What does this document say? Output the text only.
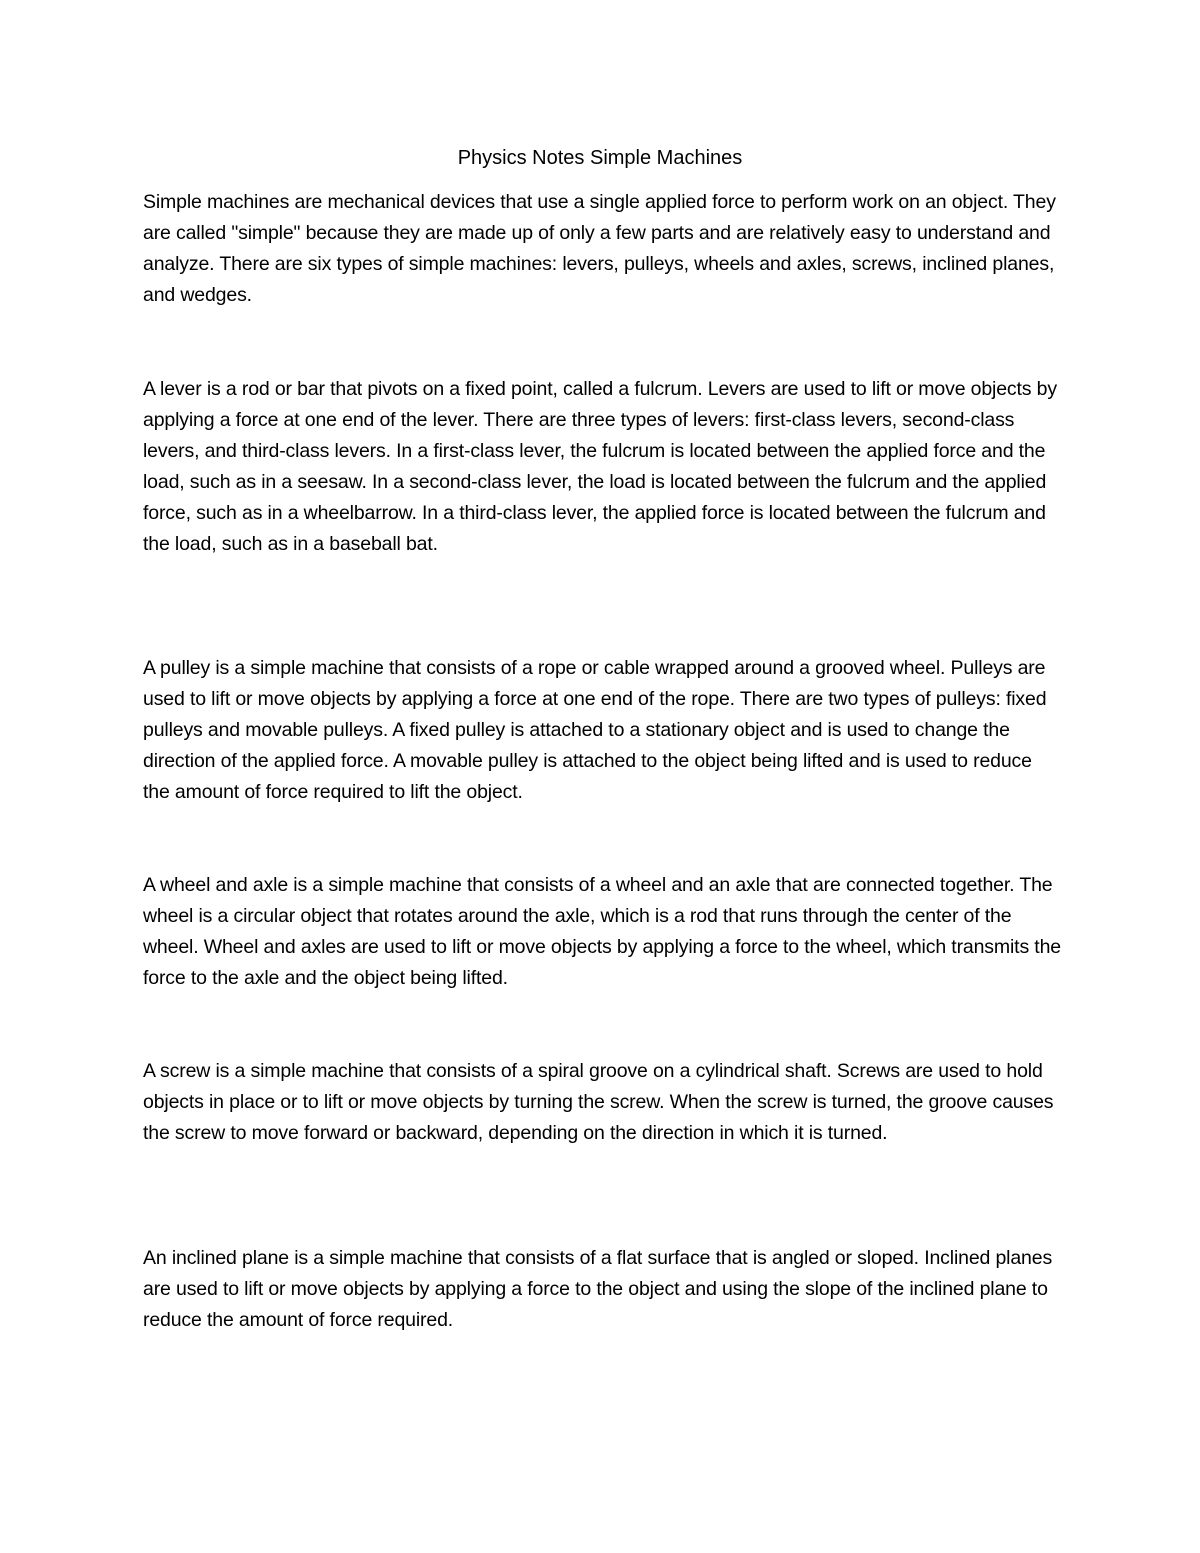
Physics Notes Simple Machines

Simple machines are mechanical devices that use a single applied force to perform work on an object. They are called "simple" because they are made up of only a few parts and are relatively easy to understand and analyze. There are six types of simple machines: levers, pulleys, wheels and axles, screws, inclined planes, and wedges.

A lever is a rod or bar that pivots on a fixed point, called a fulcrum. Levers are used to lift or move objects by applying a force at one end of the lever. There are three types of levers: first-class levers, second-class levers, and third-class levers. In a first-class lever, the fulcrum is located between the applied force and the load, such as in a seesaw. In a second-class lever, the load is located between the fulcrum and the applied force, such as in a wheelbarrow. In a third-class lever, the applied force is located between the fulcrum and the load, such as in a baseball bat.

A pulley is a simple machine that consists of a rope or cable wrapped around a grooved wheel. Pulleys are used to lift or move objects by applying a force at one end of the rope. There are two types of pulleys: fixed pulleys and movable pulleys. A fixed pulley is attached to a stationary object and is used to change the direction of the applied force. A movable pulley is attached to the object being lifted and is used to reduce the amount of force required to lift the object.

A wheel and axle is a simple machine that consists of a wheel and an axle that are connected together. The wheel is a circular object that rotates around the axle, which is a rod that runs through the center of the wheel. Wheel and axles are used to lift or move objects by applying a force to the wheel, which transmits the force to the axle and the object being lifted.

A screw is a simple machine that consists of a spiral groove on a cylindrical shaft. Screws are used to hold objects in place or to lift or move objects by turning the screw. When the screw is turned, the groove causes the screw to move forward or backward, depending on the direction in which it is turned.

An inclined plane is a simple machine that consists of a flat surface that is angled or sloped. Inclined planes are used to lift or move objects by applying a force to the object and using the slope of the inclined plane to reduce the amount of force required.
